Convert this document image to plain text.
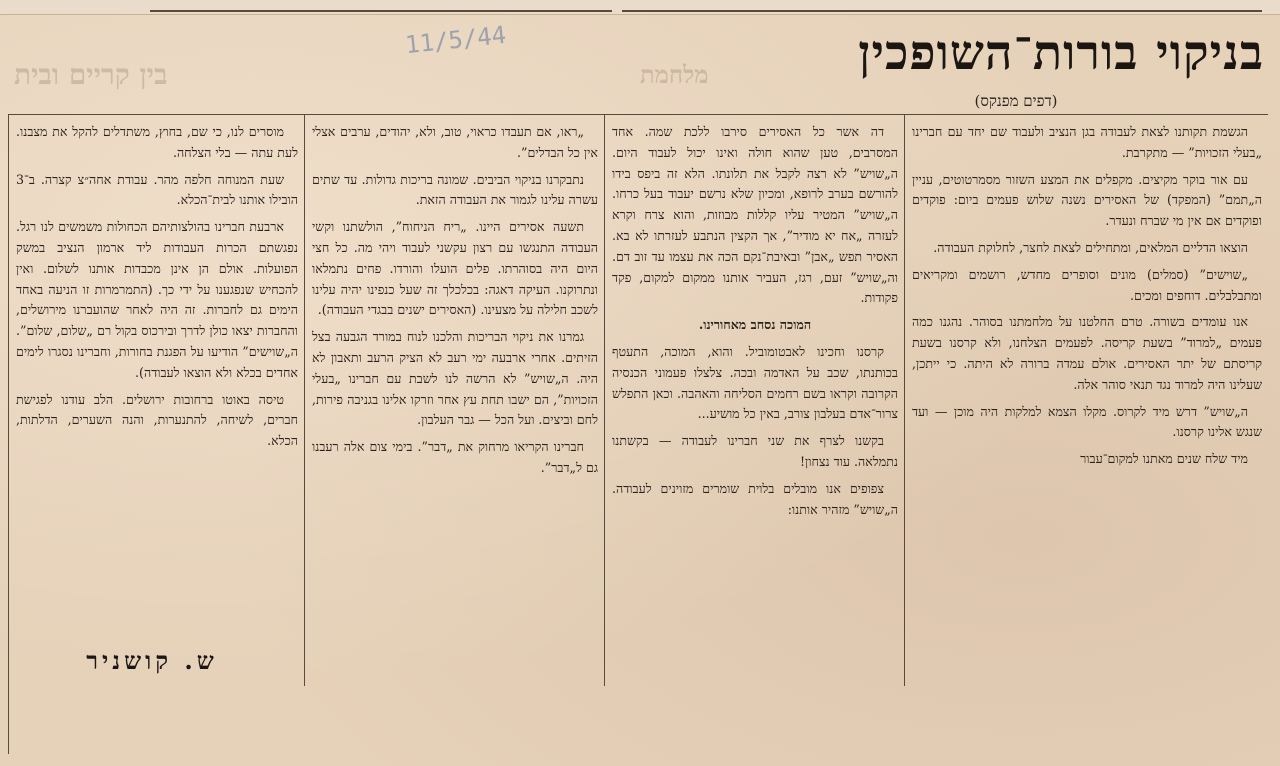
בין קריים ובית	מלחמת
11/5/44	בניקוי בורות־השופכין
(דפים מפנקס)

הגשמת תקותנו לצאת לעבודה בגן הנציב ולעבוד שם יחד עם חברינו „בעלי הזכויות” — מתקרבת.

עם אור בוקר מקיצים. מקפלים את המצע השזור מסמרטוטים, עניין ה„תמם” (המפקד) של האסירים נשנה שלוש פעמים ביום: פוקדים ופוקדים אם אין מי שברח ונעדר.

הוצאו הדליים המלאים, ומתחילים לצאת לחצר, לחלוקת העבודה.

„שוישים” (סמלים) מונים וסופרים מחדש, רושמים ומקריאים ומתבלבלים. דוחפים ומכים.

אנו עומדים בשורה. טרם החלטנו על מלחמתנו בסוהר. נהגנו כמה פעמים „למרוד” בשעת קריסה. לפעמים הצלחנו, ולא קרסנו בשעת קריסתם של יתר האסירים. אולם עמדה ברורה לא היתה. כי ייתכן, שעלינו היה למרוד נגד תנאי סוהר אלה.

ה„שויש” דרש מיד לקרוס. מקלו הצמא למלקות היה מוכן — ועד שנגש אלינו קרסנו.

מיד שלח שנים מאתנו למקום־עבור

דה אשר כל האסירים סירבו ללכת שמה. אחד המסרבים, טען שהוא חולה ואינו יכול לעבוד היום. ה„שויש” לא רצה לקבל את תלונתו. הלא זה ביפס בידו להורשם בערב לרופא, ומכיון שלא נרשם יעבוד בעל כרחו. ה„שויש” המטיר עליו קללות מבוזות, והוא צרח וקרא לעזרה „אח יא מודיר”, אך הקצין הנתבע לעזרתו לא בא. האסיר תפש „אבן” ובאיבת־נקם הכה את עצמו עד זוב דם. וה„שויש” זעם, רגז, העביר אותנו ממקום למקום, פקד פקודות.

המוכה נסחב מאחורינו.

קרסנו וחכינו לאבטומוביל. והוא, המוכה, התעטף בכותנתו, שכב על האדמה ובכה. צלצלו פעמוני הכנסיה הקרובה וקראו בשם רחמים הסליחה והאהבה. וכאן התפלש צרור־אדם בעלבון צורב, באין כל מושיע...

בקשנו לצרף את שני חברינו לעבודה — בקשתנו נתמלאה. עוד נצחון!

צפופים אנו מובלים בלוית שומרים מזוינים לעבודה. ה„שויש” מזהיר אותנו:

„ראו, אם תעבדו כראוי, טוב, ולא, יהודים, ערבים אצלי אין כל הבדלים”.

נתבקרנו בניקוי הביבים. שמונה בריכות גדולות. עד שתים עשרה עלינו לגמור את העבודה הזאת.

תשעה אסירים היינו. „ריח הניחוח”, הולשתנו וקשי העבודה התנגשו עם רצון עקשני לעבוד ויהי מה. כל חצי היום היה בסוהרתו. פלים הועלו והורדו. פחים נתמלאו ונתרוקנו. העיקה דאגה: בכלכלך זה שעל כנפינו יהיה עלינו לשכב חלילה על מצעינו. (האסירים ישנים בבגדי העבודה).

גמרנו את ניקוי הבריכות והלכנו לנוח במורד הגבעה בצל הזיתים. אחרי ארבעה ימי רעב לא הציק הרעב ותאבון לא היה. ה„שויש” לא הרשה לנו לשבת עם חברינו „בעלי הזכויות”, הם ישבו תחת עץ אחר וזרקו אלינו בגניבה פירות, לחם וביצים. ועל הכל — גבר העלבון.

חברינו הקריאו מרחוק את „דבר”. בימי צום אלה רעבנו גם ל„דבר”.

מוסרים לנו, כי שם, בחוץ, משתדלים להקל את מצבנו. לעת עתה — בלי הצלחה.

שעת המנוחה חלפה מהר. עבודת אחה״צ קצרה. ב־3 הובילו אותנו לבית־הכלא.

ארבעת חברינו בהולצותיהם הכחולות משמשים לנו רגל. נפגשתם הכרות העבודות ליד ארמון הנציב במשק הפועלות. אולם הן אינן מכבדות אותנו לשלום. ואין להכחיש שנפגענו על ידי כך. (התמרמרות זו הניעה באחד הימים גם לחברות. זה היה לאחר שהועברנו מירושלים, והחברות יצאו כולן לדרך ובירכוס בקול רם „שלום, שלום”. ה„שוישים” הודיעו על הפגנת בחורות, וחברינו נסגרו לימים אחדים בכלא ולא הוצאו לעבודה).

טיסה באוטו ברחובות ירושלים. הלב עודנו לפגישת חברים, לשיחה, להתנערות, והנה השערים, הדלתות, הכלא.

ש. קושניר
